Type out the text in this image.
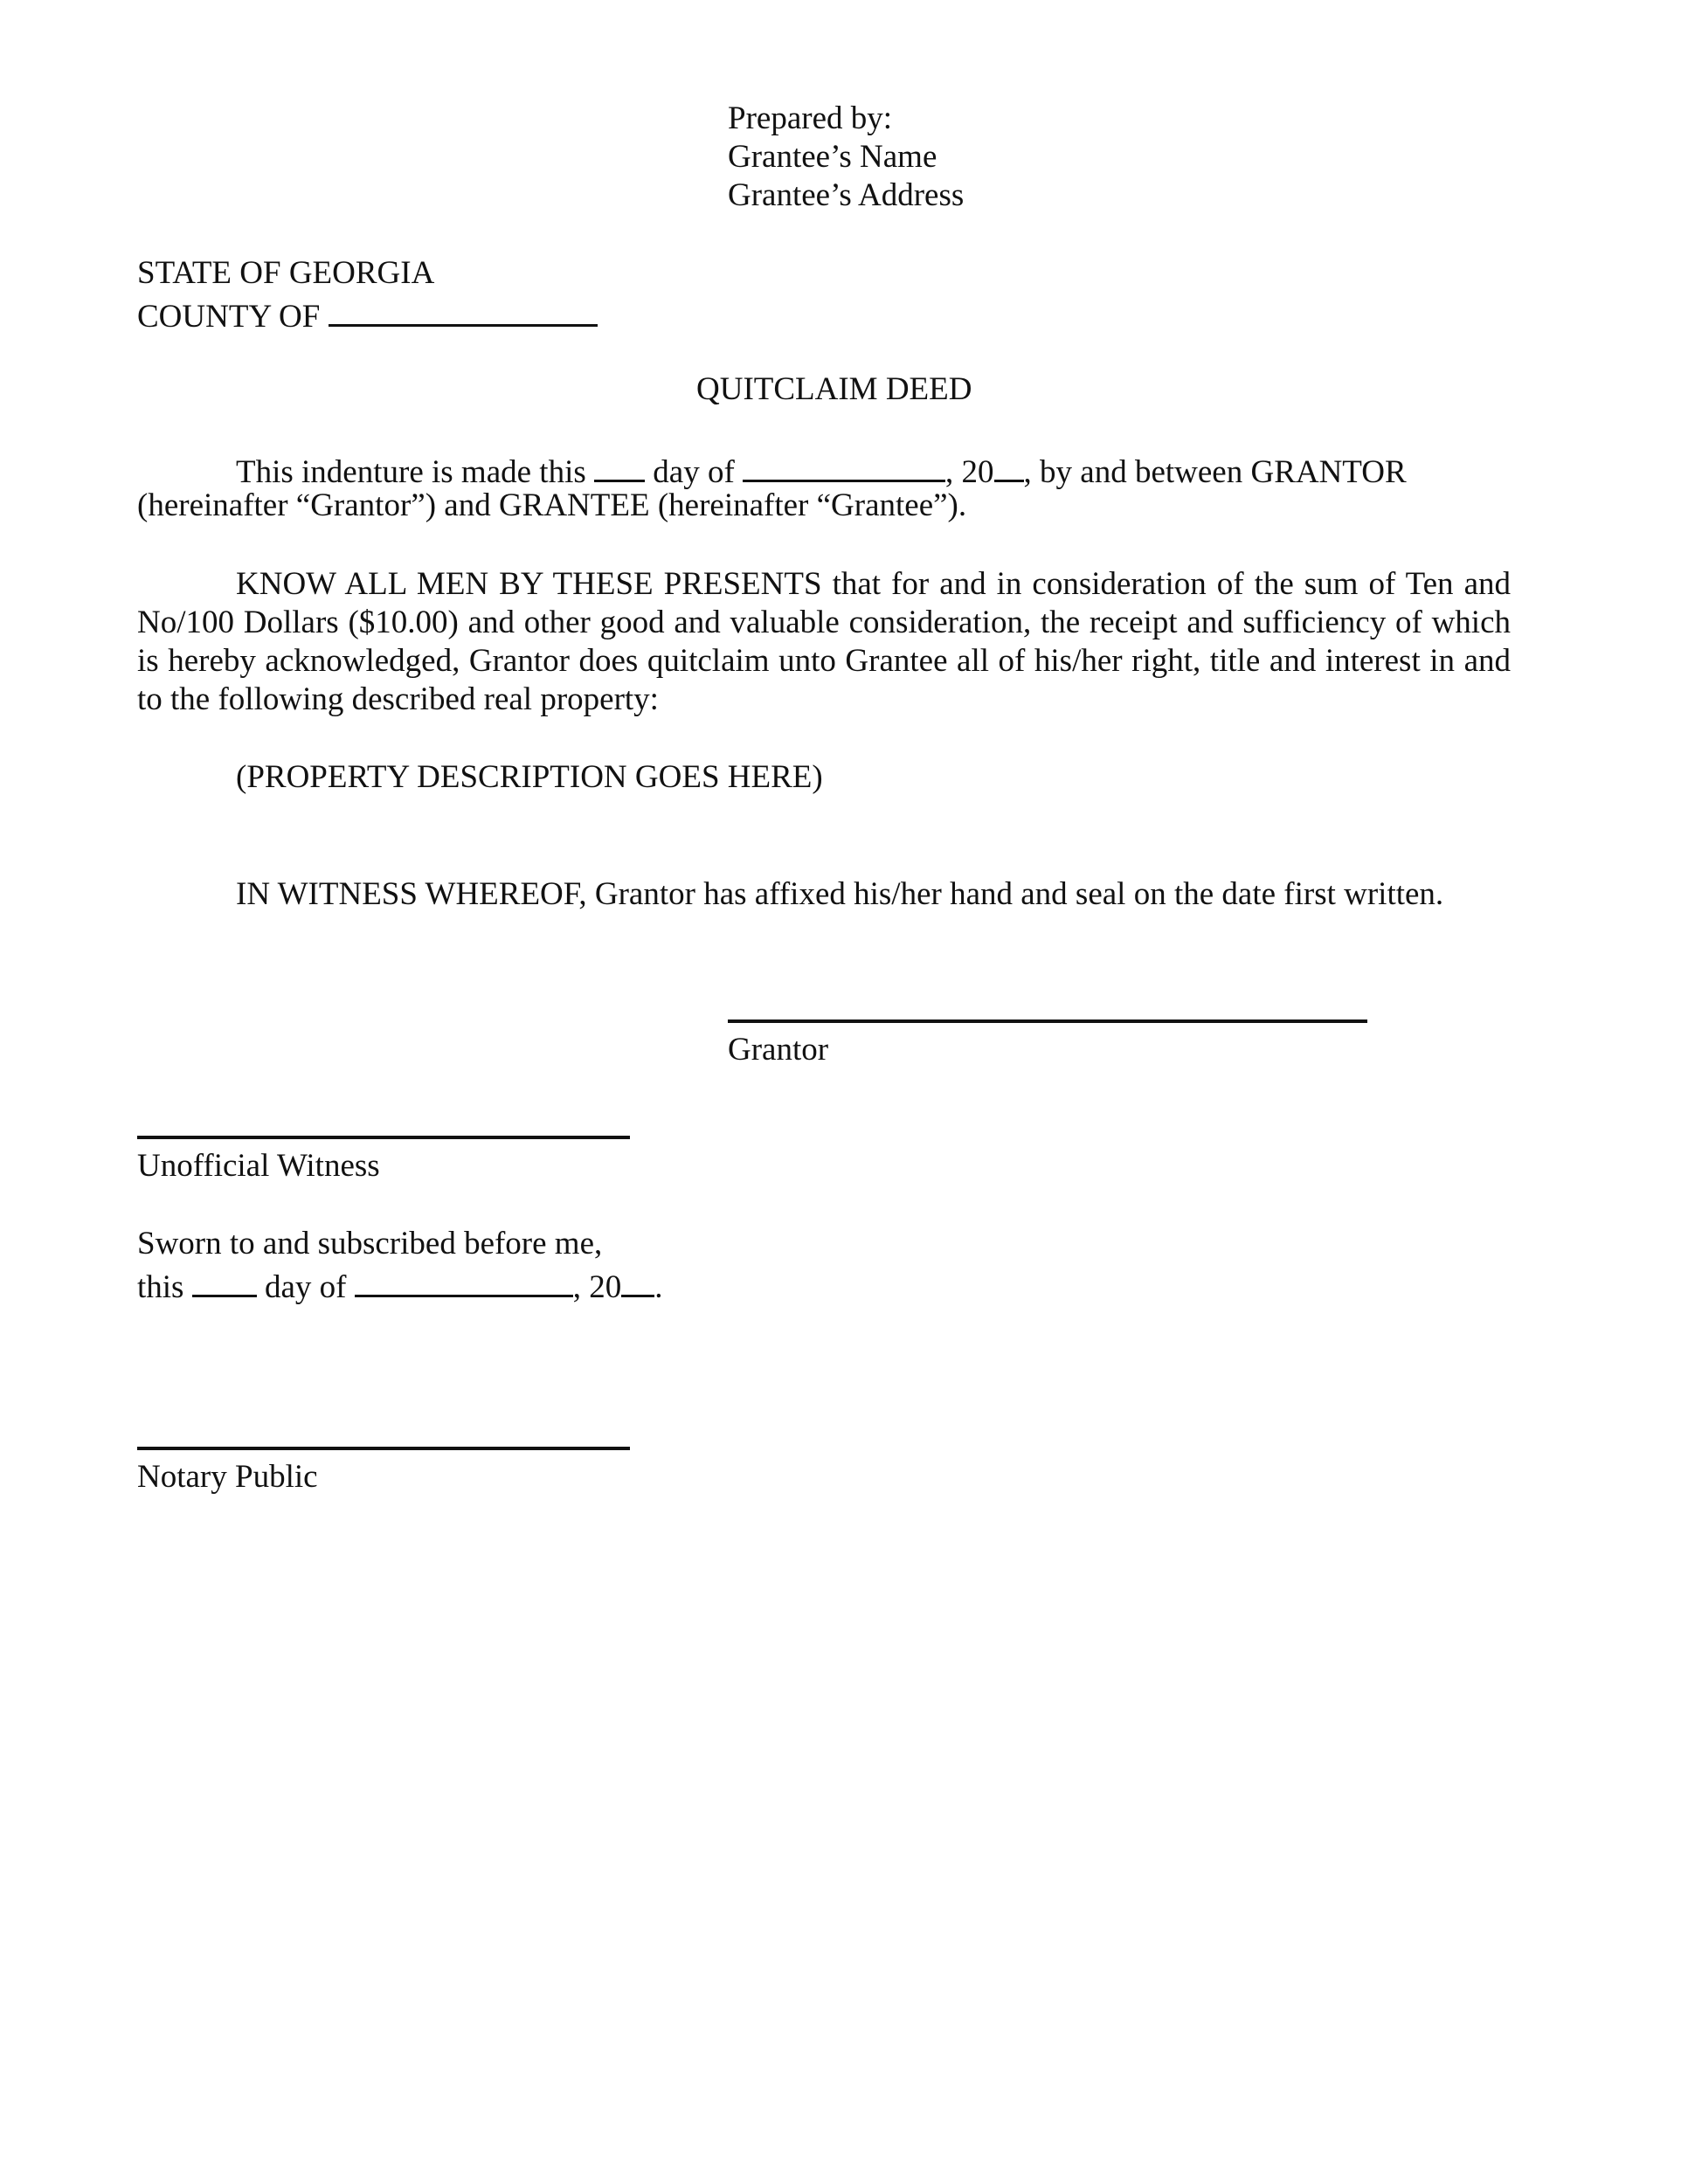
Prepared by:
Grantee’s Name
Grantee’s Address
STATE OF GEORGIA
COUNTY OF
QUITCLAIM DEED
This indenture is made this day of	, 20 , by and between GRANTOR
(hereinafter “Grantor”) and GRANTEE (hereinafter “Grantee”).
KNOW ALL MEN BY THESE PRESENTS that for and in consideration of the sum of Ten and
No/100 Dollars ($10.00) and other good and valuable consideration, the receipt and sufficiency of which
is hereby acknowledged, Grantor does quitclaim unto Grantee all of his/her right, title and interest in and
to the following described real property:
(PROPERTY DESCRIPTION GOES HERE)
IN WITNESS WHEREOF, Grantor has affixed his/her hand and seal on the date first written.
Grantor
Unofficial Witness
Sworn to and subscribed before me,
this	day of	, 20 .
Notary Public
